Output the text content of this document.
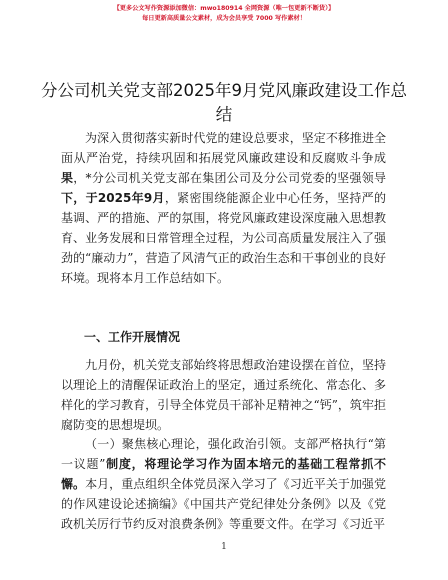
【更多公文写作资源添加微信：mwo180914 全网资源（唯一包更新不断货）】
每日更新高质量公文素材，成为会员享受 7000 写作素材！
分公司机关党支部2025年9月党风廉政建设工作总结
为深入贯彻落实新时代党的建设总要求，坚定不移推进全面从严治党，持续巩固和拓展党风廉政建设和反腐败斗争成果，*分公司机关党支部在集团公司及分公司党委的坚强领导下，于2025年9月，紧密围绕能源企业中心任务，坚持严的基调、严的措施、严的氛围，将党风廉政建设深度融入思想教育、业务发展和日常管理全过程，为公司高质量发展注入了强劲的“廉动力”，营造了风清气正的政治生态和干事创业的良好环境。现将本月工作总结如下。
一、工作开展情况
九月份，机关党支部始终将思想政治建设摆在首位，坚持以理论上的清醒保证政治上的坚定，通过系统化、常态化、多样化的学习教育，引导全体党员干部补足精神之“钙”，筑牢拒腐防变的思想堤坝。
（一）聚焦核心理论，强化政治引领。支部严格执行“第一议题”制度，将理论学习作为固本培元的基础工程常抓不懈。本月，重点组织全体党员深入学习了《习近平关于加强党的作风建设论述摘编》《中国共产党纪律处分条例》以及《党政机关厉行节约反对浪费条例》等重要文件。在学习《习近平
1
